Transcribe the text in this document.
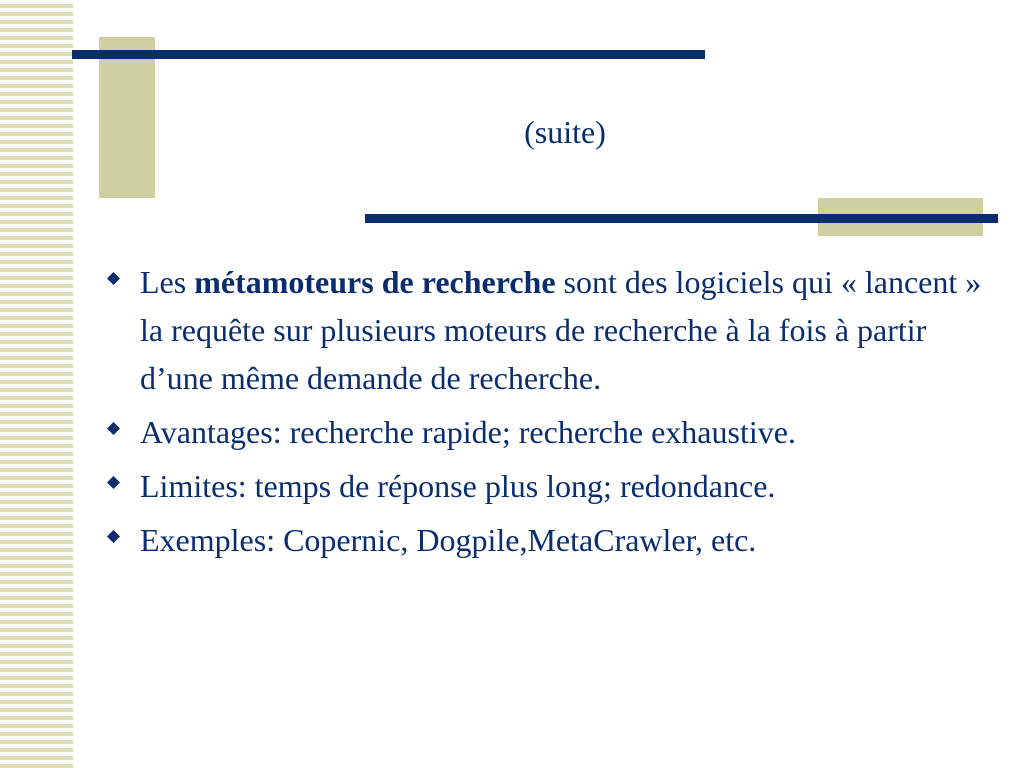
(suite)
Les métamoteurs de recherche sont des logiciels qui « lancent » la requête sur plusieurs moteurs de recherche à la fois à partir d’une même demande de recherche.
Avantages: recherche rapide; recherche exhaustive.
Limites: temps de réponse plus long; redondance.
Exemples: Copernic, Dogpile,MetaCrawler, etc.
